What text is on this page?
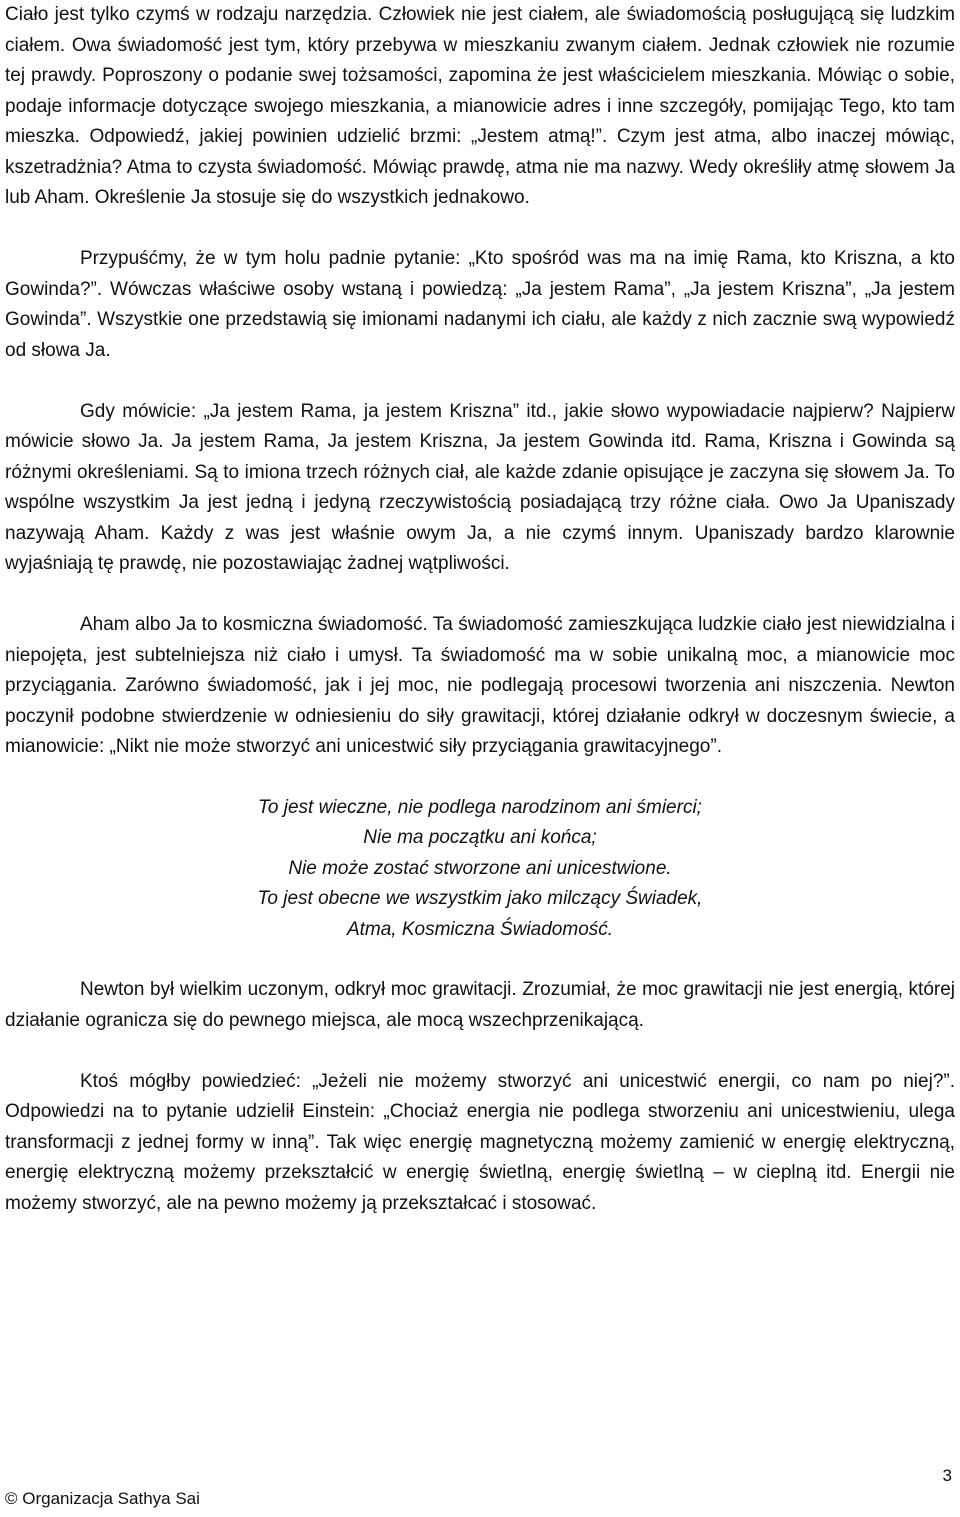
Ciało jest tylko czymś w rodzaju narzędzia. Człowiek nie jest ciałem, ale świadomością posługującą się ludzkim ciałem. Owa świadomość jest tym, który przebywa w mieszkaniu zwanym ciałem. Jednak człowiek nie rozumie tej prawdy. Poproszony o podanie swej tożsamości, zapomina że jest właścicielem mieszkania. Mówiąc o sobie, podaje informacje dotyczące swojego mieszkania, a mianowicie adres i inne szczegóły, pomijając Tego, kto tam mieszka. Odpowiedź, jakiej powinien udzielić brzmi: „Jestem atmą!”. Czym jest atma, albo inaczej mówiąc, kszetradżnia? Atma to czysta świadomość. Mówiąc prawdę, atma nie ma nazwy. Wedy określiły atmę słowem Ja lub Aham. Określenie Ja stosuje się do wszystkich jednakowo.

Przypuśćmy, że w tym holu padnie pytanie: „Kto spośród was ma na imię Rama, kto Kriszna, a kto Gowinda?”. Wówczas właściwe osoby wstaną i powiedzą: „Ja jestem Rama”, „Ja jestem Kriszna”, „Ja jestem Gowinda”. Wszystkie one przedstawią się imionami nadanymi ich ciału, ale każdy z nich zacznie swą wypowiedź od słowa Ja.

Gdy mówicie: „Ja jestem Rama, ja jestem Kriszna” itd., jakie słowo wypowiadacie najpierw? Najpierw mówicie słowo Ja. Ja jestem Rama, Ja jestem Kriszna, Ja jestem Gowinda itd. Rama, Kriszna i Gowinda są różnymi określeniami. Są to imiona trzech różnych ciał, ale każde zdanie opisujące je zaczyna się słowem Ja. To wspólne wszystkim Ja jest jedną i jedyną rzeczywistością posiadającą trzy różne ciała. Owo Ja Upaniszady nazywają Aham. Każdy z was jest właśnie owym Ja, a nie czymś innym. Upaniszady bardzo klarownie wyjaśniają tę prawdę, nie pozostawiając żadnej wątpliwości.

Aham albo Ja to kosmiczna świadomość. Ta świadomość zamieszkująca ludzkie ciało jest niewidzialna i niepojęta, jest subtelniejsza niż ciało i umysł. Ta świadomość ma w sobie unikalną moc, a mianowicie moc przyciągania. Zarówno świadomość, jak i jej moc, nie podlegają procesowi tworzenia ani niszczenia. Newton poczynił podobne stwierdzenie w odniesieniu do siły grawitacji, której działanie odkrył w doczesnym świecie, a mianowicie: „Nikt nie może stworzyć ani unicestwić siły przyciągania grawitacyjnego”.

To jest wieczne, nie podlega narodzinom ani śmierci;
Nie ma początku ani końca;
Nie może zostać stworzone ani unicestwione.
To jest obecne we wszystkim jako milczący Świadek,
Atma, Kosmiczna Świadomość.

Newton był wielkim uczonym, odkrył moc grawitacji. Zrozumiał, że moc grawitacji nie jest energią, której działanie ogranicza się do pewnego miejsca, ale mocą wszechprzenikającą.

Ktoś mógłby powiedzieć: „Jeżeli nie możemy stworzyć ani unicestwić energii, co nam po niej?”. Odpowiedzi na to pytanie udzielił Einstein: „Chociaż energia nie podlega stworzeniu ani unicestwieniu, ulega transformacji z jednej formy w inną”. Tak więc energię magnetyczną możemy zamienić w energię elektryczną, energię elektryczną możemy przekształcić w energię świetlną, energię świetlną – w cieplną itd. Energii nie możemy stworzyć, ale na pewno możemy ją przekształcać i stosować.

© Organizacja Sathya Sai
3
